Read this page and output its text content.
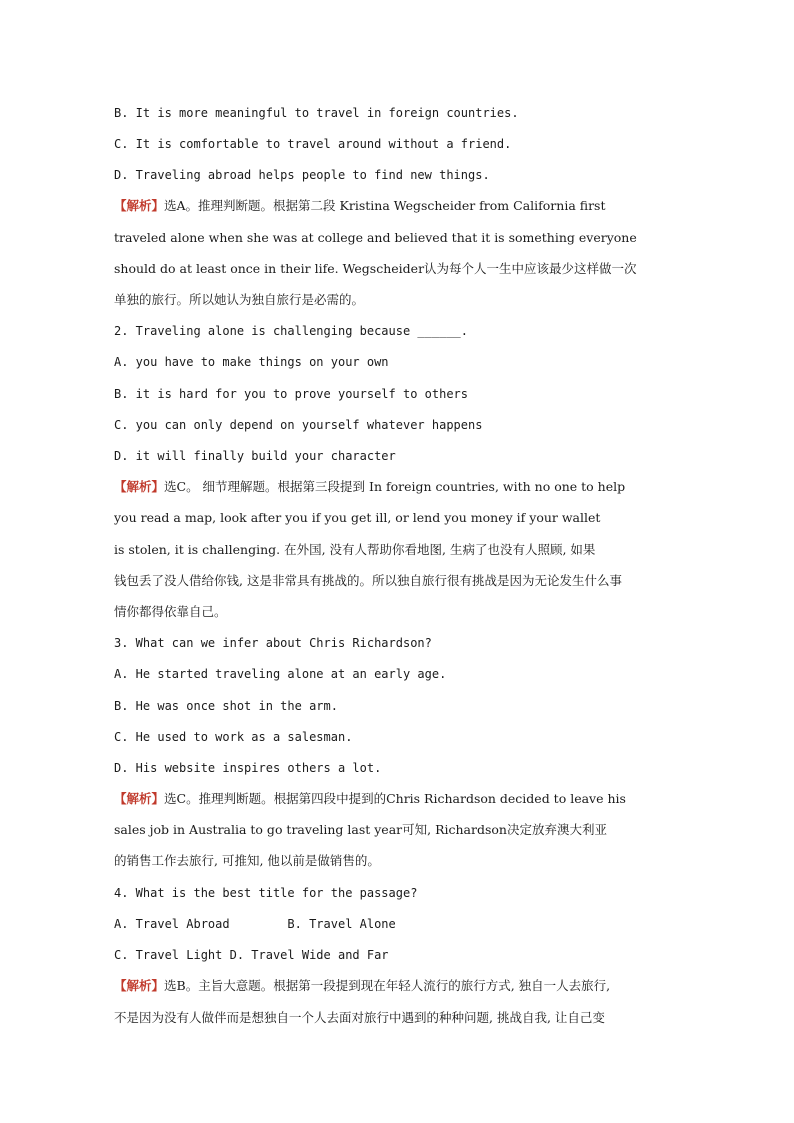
B. It is more meaningful to travel in foreign countries.
C. It is comfortable to travel around without a friend.
D. Traveling abroad helps people to find new things.
【解析】选A。推理判断题。根据第二段 Kristina Wegscheider from California first
traveled alone when she was at college and believed that it is something everyone
should do at least once in their life. Wegscheider认为每个人一生中应该最少这样做一次
单独的旅行。所以她认为独自旅行是必需的。
2. Traveling alone is challenging because ______.
A. you have to make things on your own
B. it is hard for you to prove yourself to others
C. you can only depend on yourself whatever happens
D. it will finally build your character
【解析】选C。 细节理解题。根据第三段提到 In foreign countries, with no one to help
you read a map, look after you if you get ill, or lend you money if your wallet
is stolen, it is challenging. 在外国, 没有人帮助你看地图, 生病了也没有人照顾, 如果
钱包丢了没人借给你钱, 这是非常具有挑战的。所以独自旅行很有挑战是因为无论发生什么事
情你都得依靠自己。
3. What can we infer about Chris Richardson?
A. He started traveling alone at an early age.
B. He was once shot in the arm.
C. He used to work as a salesman.
D. His website inspires others a lot.
【解析】选C。推理判断题。根据第四段中提到的Chris Richardson decided to leave his
sales job in Australia to go traveling last year可知, Richardson决定放弃澳大利亚
的销售工作去旅行, 可推知, 他以前是做销售的。
4. What is the best title for the passage?
A. Travel Abroad        B. Travel Alone
C. Travel Light D. Travel Wide and Far
【解析】选B。主旨大意题。根据第一段提到现在年轻人流行的旅行方式, 独自一人去旅行,
不是因为没有人做伴而是想独自一个人去面对旅行中遇到的种种问题, 挑战自我, 让自己变
